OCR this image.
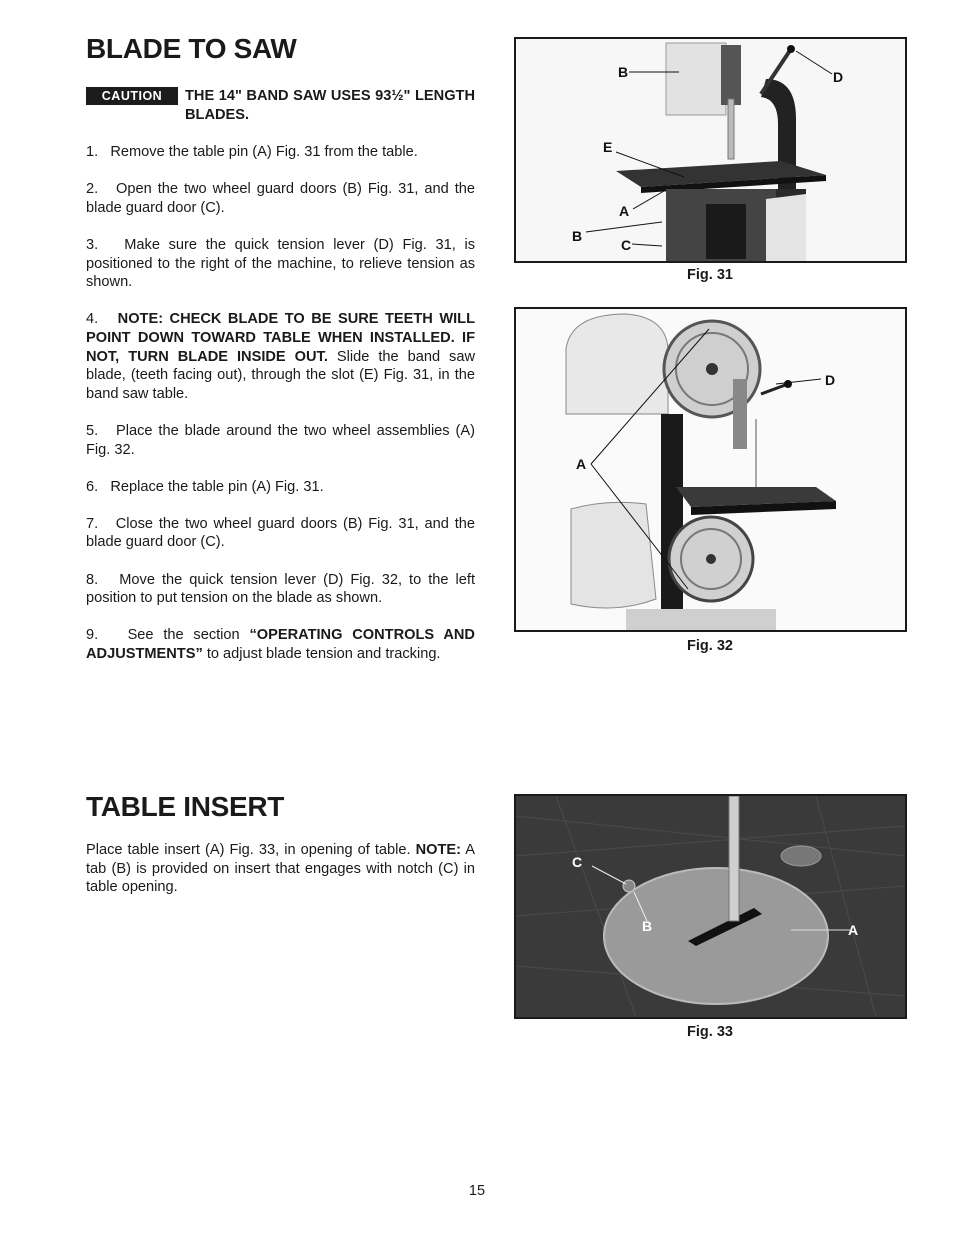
BLADE TO SAW
CAUTION	THE 14" BAND SAW USES 93½" LENGTH BLADES.

1. Remove the table pin (A) Fig. 31 from the table.

2. Open the two wheel guard doors (B) Fig. 31, and the blade guard door (C).

3. Make sure the quick tension lever (D) Fig. 31, is positioned to the right of the machine, to relieve tension as shown.

4. NOTE: CHECK BLADE TO BE SURE TEETH WILL POINT DOWN TOWARD TABLE WHEN INSTALLED. IF NOT, TURN BLADE INSIDE OUT. Slide the band saw blade, (teeth facing out), through the slot (E) Fig. 31, in the band saw table.

5. Place the blade around the two wheel assemblies (A) Fig. 32.

6. Replace the table pin (A) Fig. 31.

7. Close the two wheel guard doors (B) Fig. 31, and the blade guard door (C).

8. Move the quick tension lever (D) Fig. 32, to the left position to put tension on the blade as shown.

9. See the section “OPERATING CONTROLS AND ADJUSTMENTS” to adjust blade tension and tracking.

B	D
E
A
B
C
Fig. 31
D
A
Fig. 32
TABLE INSERT

Place table insert (A) Fig. 33, in opening of table. NOTE: A tab (B) is provided on insert that engages with notch (C) in table opening.

C
B	A
Fig. 33
15
